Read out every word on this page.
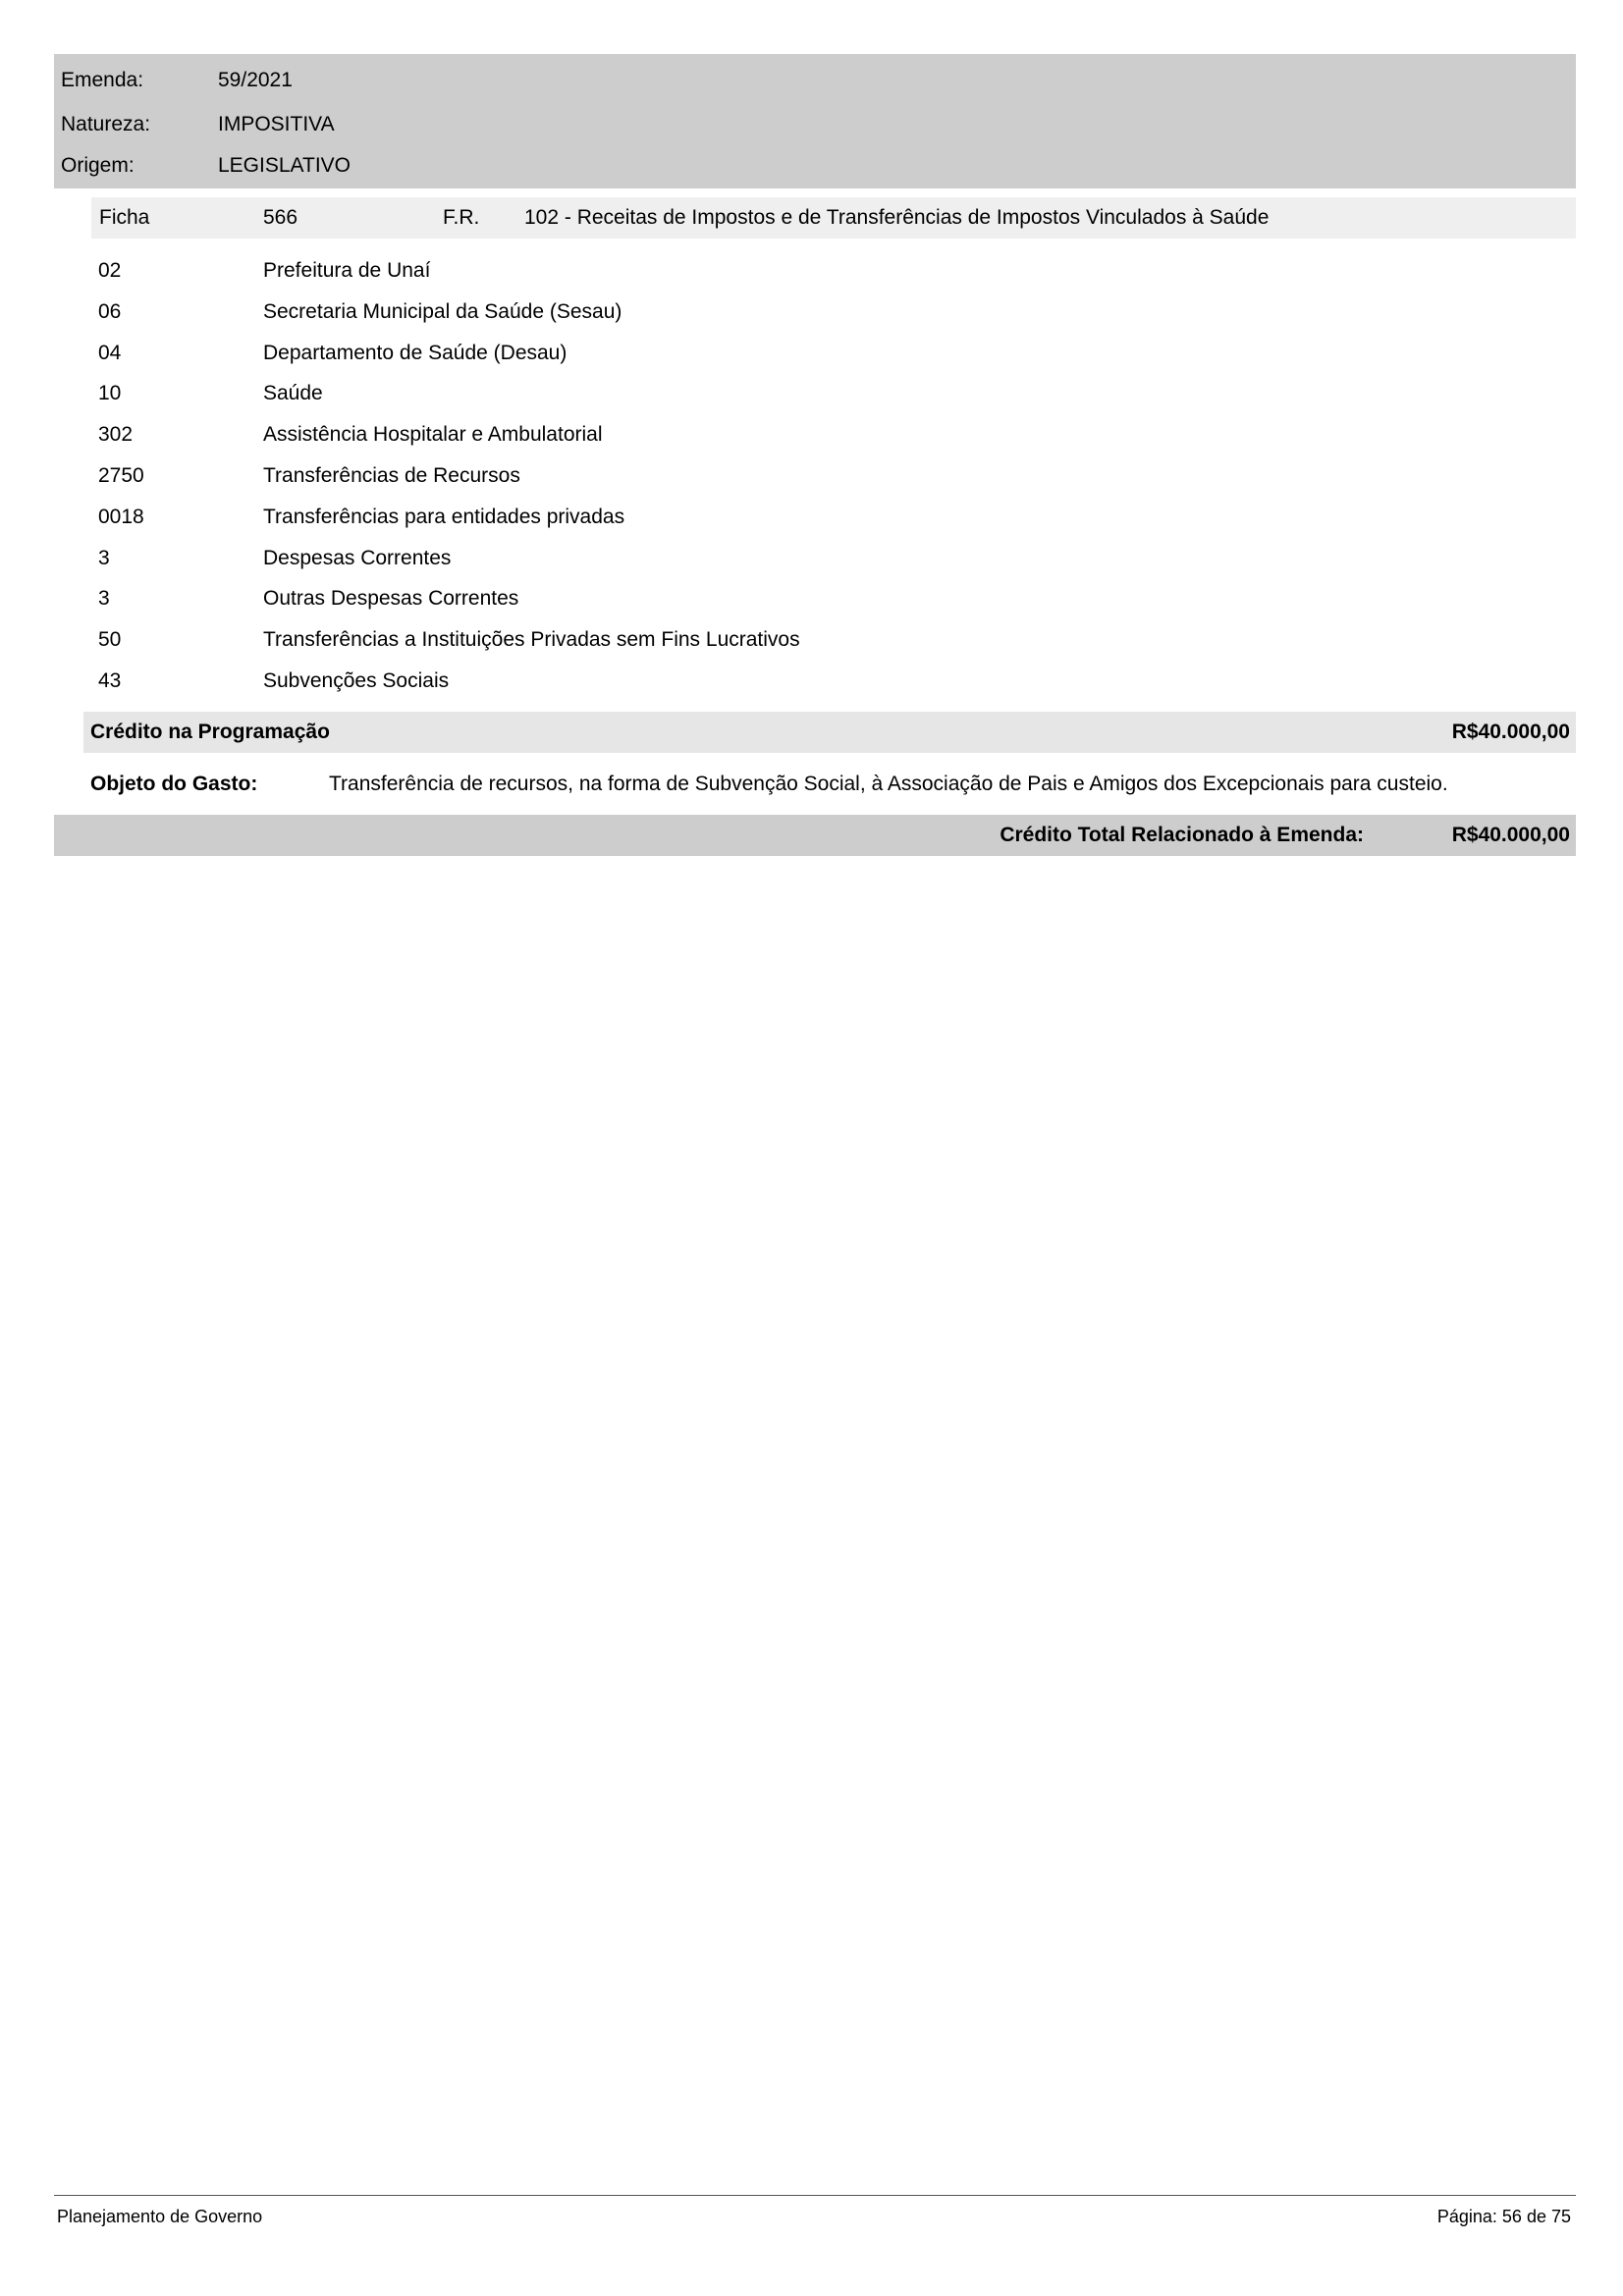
Emenda:	59/2021
Natureza:	IMPOSITIVA
Origem:	LEGISLATIVO
Ficha	566	F.R. 102 - Receitas de Impostos e de Transferências de Impostos Vinculados à Saúde
02	Prefeitura de Unaí
06	Secretaria Municipal da Saúde (Sesau)
04	Departamento de Saúde (Desau)
10	Saúde
302	Assistência Hospitalar e Ambulatorial
2750	Transferências de Recursos
0018	Transferências para entidades privadas
3	Despesas Correntes
3	Outras Despesas Correntes
50	Transferências a Instituições Privadas sem Fins Lucrativos
43	Subvenções Sociais
Crédito na Programação	R$40.000,00
Objeto do Gasto:	Transferência de recursos, na forma de Subvenção Social, à Associação de Pais e Amigos dos Excepcionais para custeio.
Crédito Total Relacionado à Emenda:	R$40.000,00
Planejamento de Governo	Página: 56 de 75
